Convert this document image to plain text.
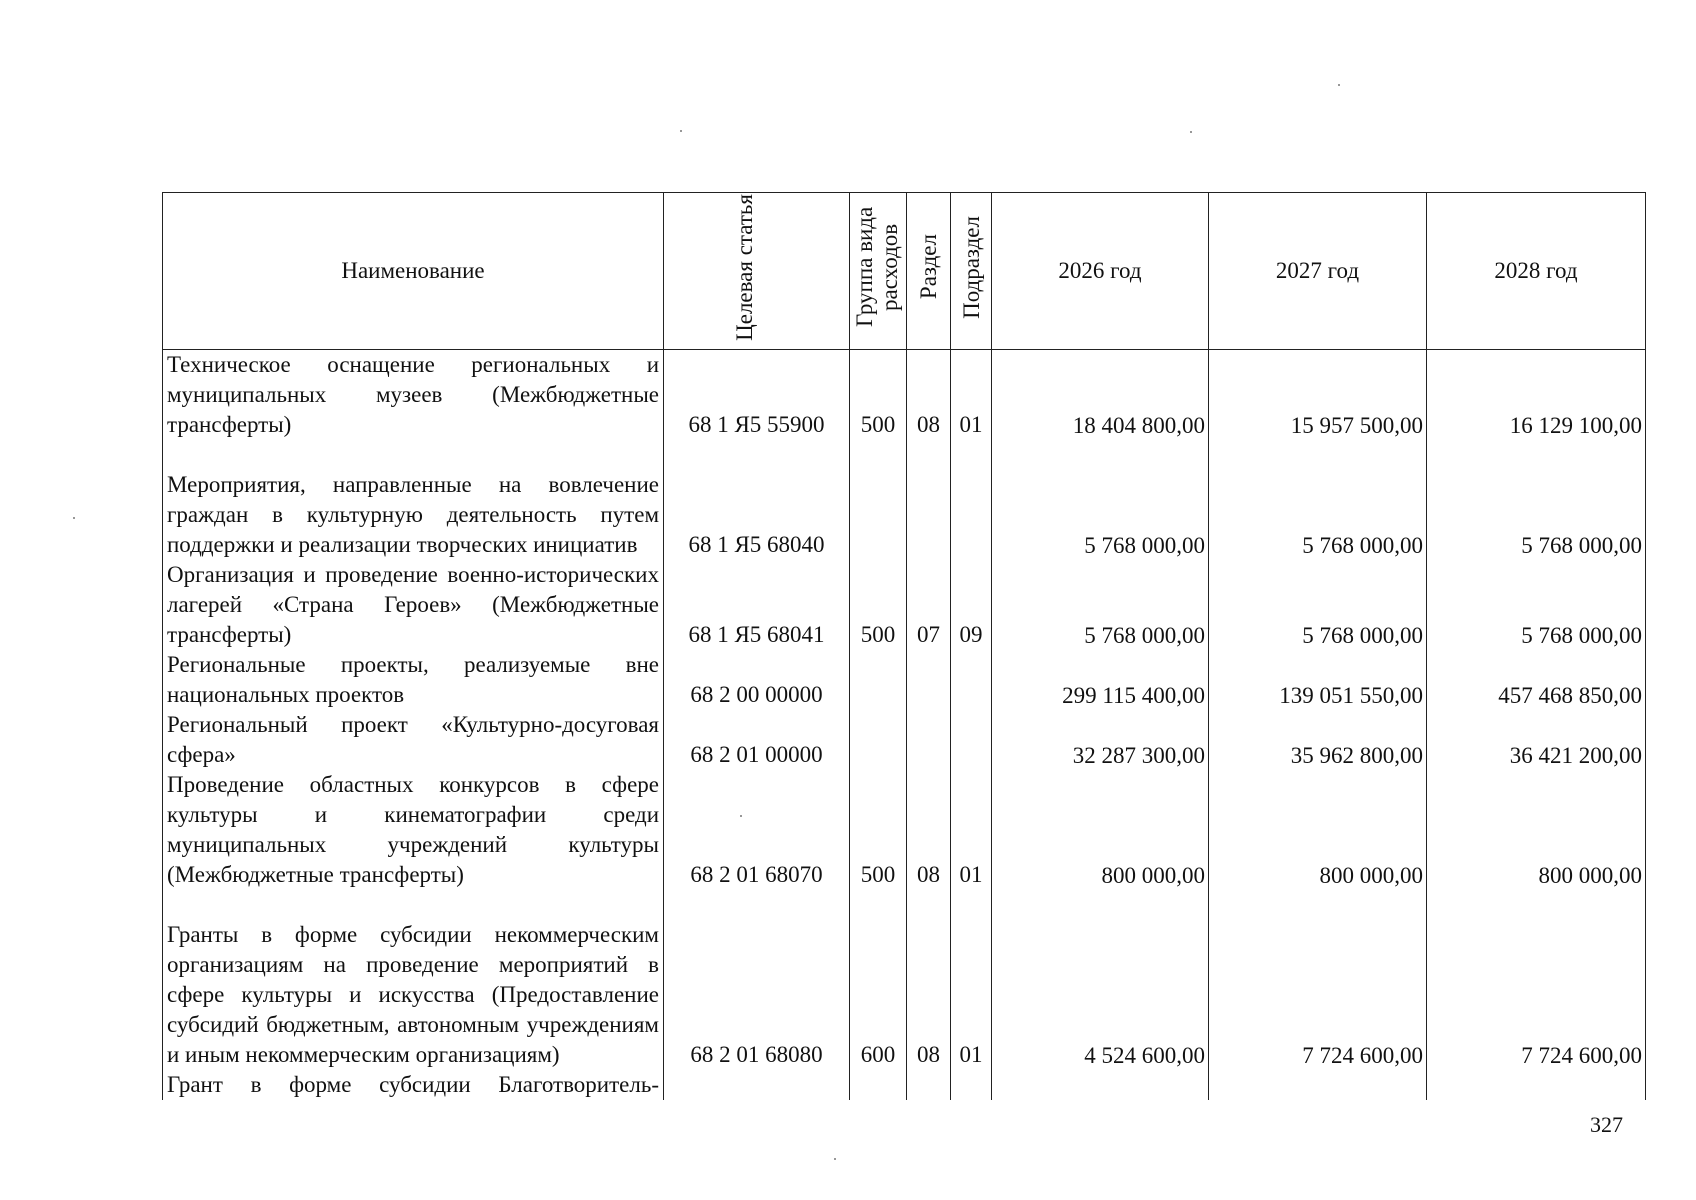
Наименование	Целевая статья	Группа вида расходов	Раздел	Подраздел	2026 год	2027 год	2028 год
Техническое оснащение региональных и муниципальных музеев (Межбюджетные трансферты)	68 1 Я5 55900	500	08	01	18 404 800,00	15 957 500,00	16 129 100,00
Мероприятия, направленные на вовлечение граждан в культурную деятельность путем поддержки и реализации творческих инициатив	68 1 Я5 68040				5 768 000,00	5 768 000,00	5 768 000,00
Организация и проведение военно-исторических лагерей «Страна Героев» (Межбюджетные трансферты)	68 1 Я5 68041	500	07	09	5 768 000,00	5 768 000,00	5 768 000,00
Региональные проекты, реализуемые вне национальных проектов	68 2 00 00000				299 115 400,00	139 051 550,00	457 468 850,00
Региональный проект «Культурно-досуговая сфера»	68 2 01 00000				32 287 300,00	35 962 800,00	36 421 200,00
Проведение областных конкурсов в сфере культуры и кинематографии среди муниципальных учреждений культуры (Межбюджетные трансферты)	68 2 01 68070	500	08	01	800 000,00	800 000,00	800 000,00
Гранты в форме субсидии некоммерческим организациям на проведение мероприятий в сфере культуры и искусства (Предоставление субсидий бюджетным, автономным учреждениям и иным некоммерческим организациям)	68 2 01 68080	600	08	01	4 524 600,00	7 724 600,00	7 724 600,00
Грант в форме субсидии Благотворитель-							
327
